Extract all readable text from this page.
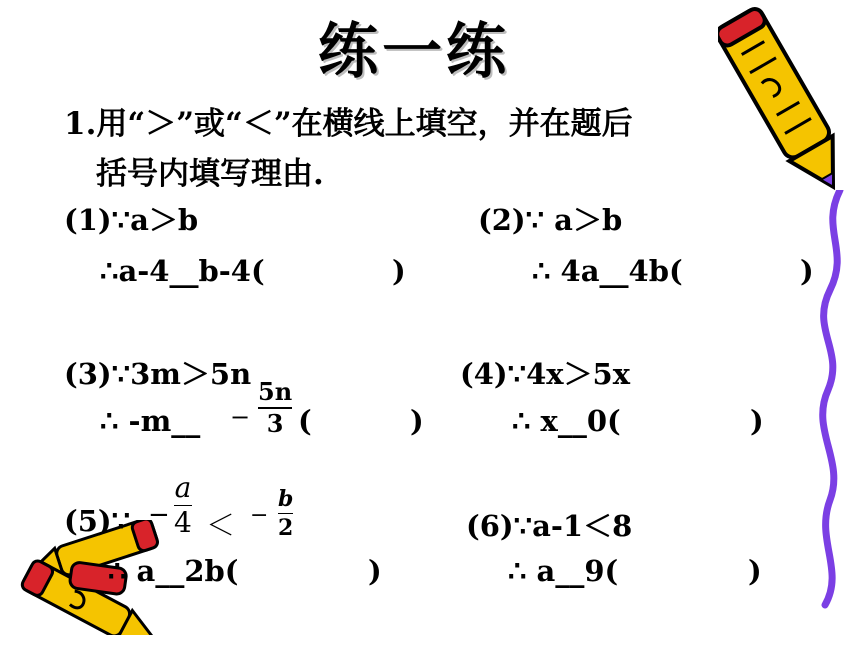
练一练
1.用“＞”或“＜”在横线上填空，并在题后
括号内填写理由.
(1)∵a＞b
∴a-4__b-4(	)
(2)∵ a＞b
∴ 4a__4b(	)
(3)∵3m＞5n
∴ -m__ −
5n
3 (	)
(4)∵4x＞5x
∴ x__0(	)
(5)∵ −
a
4 ＜ −
b
2
∴ a__2b(	)
(6)∵a-1＜8
∴ a__9(	)
